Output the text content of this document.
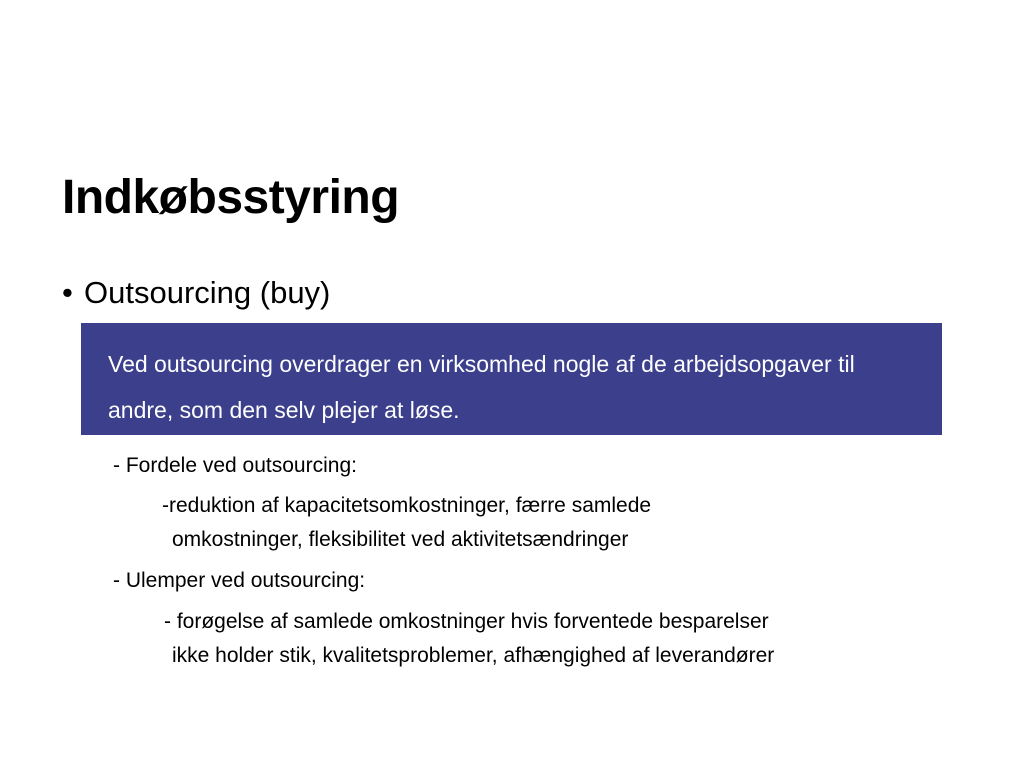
Indkøbsstyring
• Outsourcing (buy)
Ved outsourcing overdrager en virksomhed nogle af de arbejdsopgaver til
andre, som den selv plejer at løse.
- Fordele ved outsourcing:
-reduktion af kapacitetsomkostninger, færre samlede
omkostninger, fleksibilitet ved aktivitetsændringer
- Ulemper ved outsourcing:
- forøgelse af samlede omkostninger hvis forventede besparelser
ikke holder stik, kvalitetsproblemer, afhængighed af leverandører
